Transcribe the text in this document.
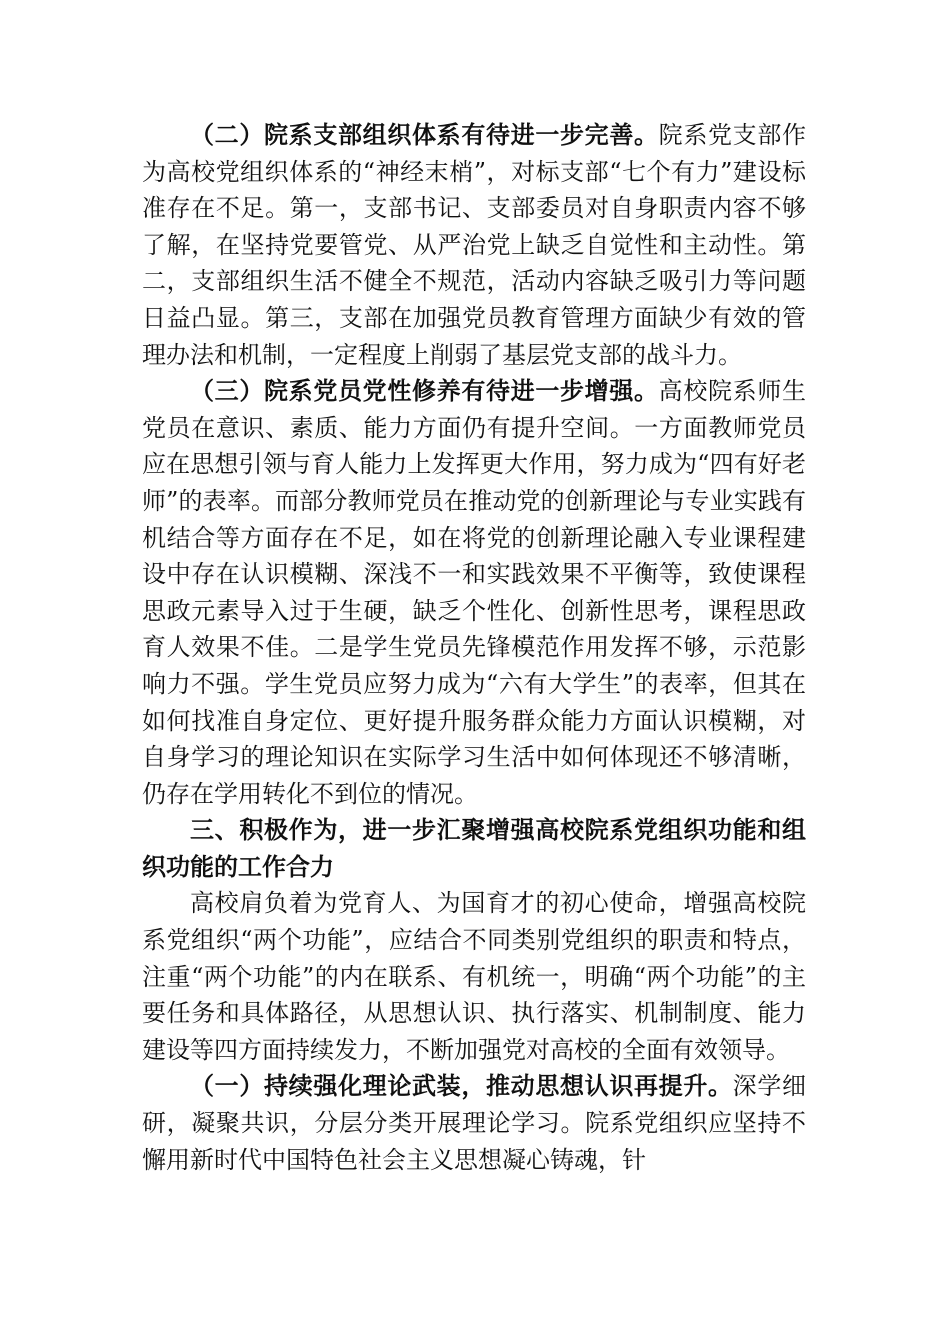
（二）院系支部组织体系有待进一步完善。院系党支部作为高校党组织体系的“神经末梢”，对标支部“七个有力”建设标准存在不足。第一，支部书记、支部委员对自身职责内容不够了解，在坚持党要管党、从严治党上缺乏自觉性和主动性。第二，支部组织生活不健全不规范，活动内容缺乏吸引力等问题日益凸显。第三，支部在加强党员教育管理方面缺少有效的管理办法和机制，一定程度上削弱了基层党支部的战斗力。

（三）院系党员党性修养有待进一步增强。高校院系师生党员在意识、素质、能力方面仍有提升空间。一方面教师党员应在思想引领与育人能力上发挥更大作用，努力成为“四有好老师”的表率。而部分教师党员在推动党的创新理论与专业实践有机结合等方面存在不足，如在将党的创新理论融入专业课程建设中存在认识模糊、深浅不一和实践效果不平衡等，致使课程思政元素导入过于生硬，缺乏个性化、创新性思考，课程思政育人效果不佳。二是学生党员先锋模范作用发挥不够，示范影响力不强。学生党员应努力成为“六有大学生”的表率，但其在如何找准自身定位、更好提升服务群众能力方面认识模糊，对自身学习的理论知识在实际学习生活中如何体现还不够清晰，仍存在学用转化不到位的情况。

三、积极作为，进一步汇聚增强高校院系党组织功能和组织功能的工作合力

高校肩负着为党育人、为国育才的初心使命，增强高校院系党组织“两个功能”，应结合不同类别党组织的职责和特点，注重“两个功能”的内在联系、有机统一，明确“两个功能”的主要任务和具体路径，从思想认识、执行落实、机制制度、能力建设等四方面持续发力，不断加强党对高校的全面有效领导。

（一）持续强化理论武装，推动思想认识再提升。深学细研，凝聚共识，分层分类开展理论学习。院系党组织应坚持不懈用新时代中国特色社会主义思想凝心铸魂，针
